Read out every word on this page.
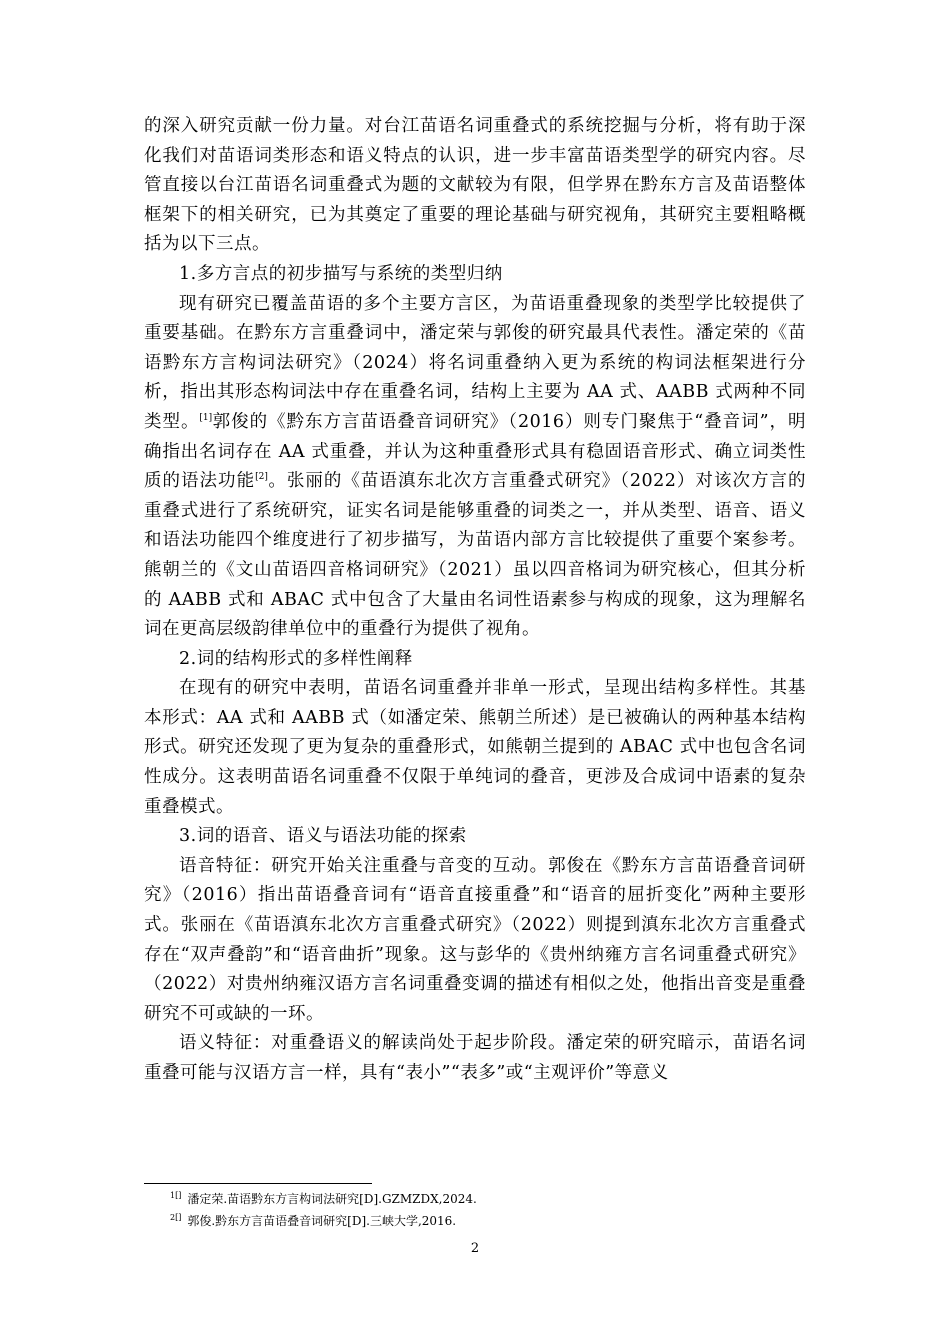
的深入研究贡献一份力量。对台江苗语名词重叠式的系统挖掘与分析，将有助于深化我们对苗语词类形态和语义特点的认识，进一步丰富苗语类型学的研究内容。尽管直接以台江苗语名词重叠式为题的文献较为有限，但学界在黔东方言及苗语整体框架下的相关研究，已为其奠定了重要的理论基础与研究视角，其研究主要粗略概括为以下三点。

1.多方言点的初步描写与系统的类型归纳

现有研究已覆盖苗语的多个主要方言区，为苗语重叠现象的类型学比较提供了重要基础。在黔东方言重叠词中，潘定荣与郭俊的研究最具代表性。潘定荣的《苗语黔东方言构词法研究》（2024）将名词重叠纳入更为系统的构词法框架进行分析，指出其形态构词法中存在重叠名词，结构上主要为 AA 式、AABB 式两种不同类型。[1]郭俊的《黔东方言苗语叠音词研究》（2016）则专门聚焦于“叠音词”，明确指出名词存在 AA 式重叠，并认为这种重叠形式具有稳固语音形式、确立词类性质的语法功能[2]。张丽的《苗语滇东北次方言重叠式研究》（2022）对该次方言的重叠式进行了系统研究，证实名词是能够重叠的词类之一，并从类型、语音、语义和语法功能四个维度进行了初步描写，为苗语内部方言比较提供了重要个案参考。熊朝兰的《文山苗语四音格词研究》（2021）虽以四音格词为研究核心，但其分析的 AABB 式和 ABAC 式中包含了大量由名词性语素参与构成的现象，这为理解名词在更高层级韵律单位中的重叠行为提供了视角。

2.词的结构形式的多样性阐释

在现有的研究中表明，苗语名词重叠并非单一形式，呈现出结构多样性。其基本形式：AA 式和 AABB 式（如潘定荣、熊朝兰所述）是已被确认的两种基本结构形式。研究还发现了更为复杂的重叠形式，如熊朝兰提到的 ABAC 式中也包含名词性成分。这表明苗语名词重叠不仅限于单纯词的叠音，更涉及合成词中语素的复杂重叠模式。

3.词的语音、语义与语法功能的探索

语音特征：研究开始关注重叠与音变的互动。郭俊在《黔东方言苗语叠音词研究》（2016）指出苗语叠音词有“语音直接重叠”和“语音的屈折变化”两种主要形式。张丽在《苗语滇东北次方言重叠式研究》（2022）则提到滇东北次方言重叠式存在“双声叠韵”和“语音曲折”现象。这与彭华的《贵州纳雍方言名词重叠式研究》（2022）对贵州纳雍汉语方言名词重叠变调的描述有相似之处，他指出音变是重叠研究不可或缺的一环。

语义特征：对重叠语义的解读尚处于起步阶段。潘定荣的研究暗示，苗语名词重叠可能与汉语方言一样，具有“表小”“表多”或“主观评价”等意义

$^{1[]}$ 潘定荣.苗语黔东方言构词法研究[D].GZMZDX,2024.
$^{2[]}$ 郭俊.黔东方言苗语叠音词研究[D].三峡大学,2016.
2
